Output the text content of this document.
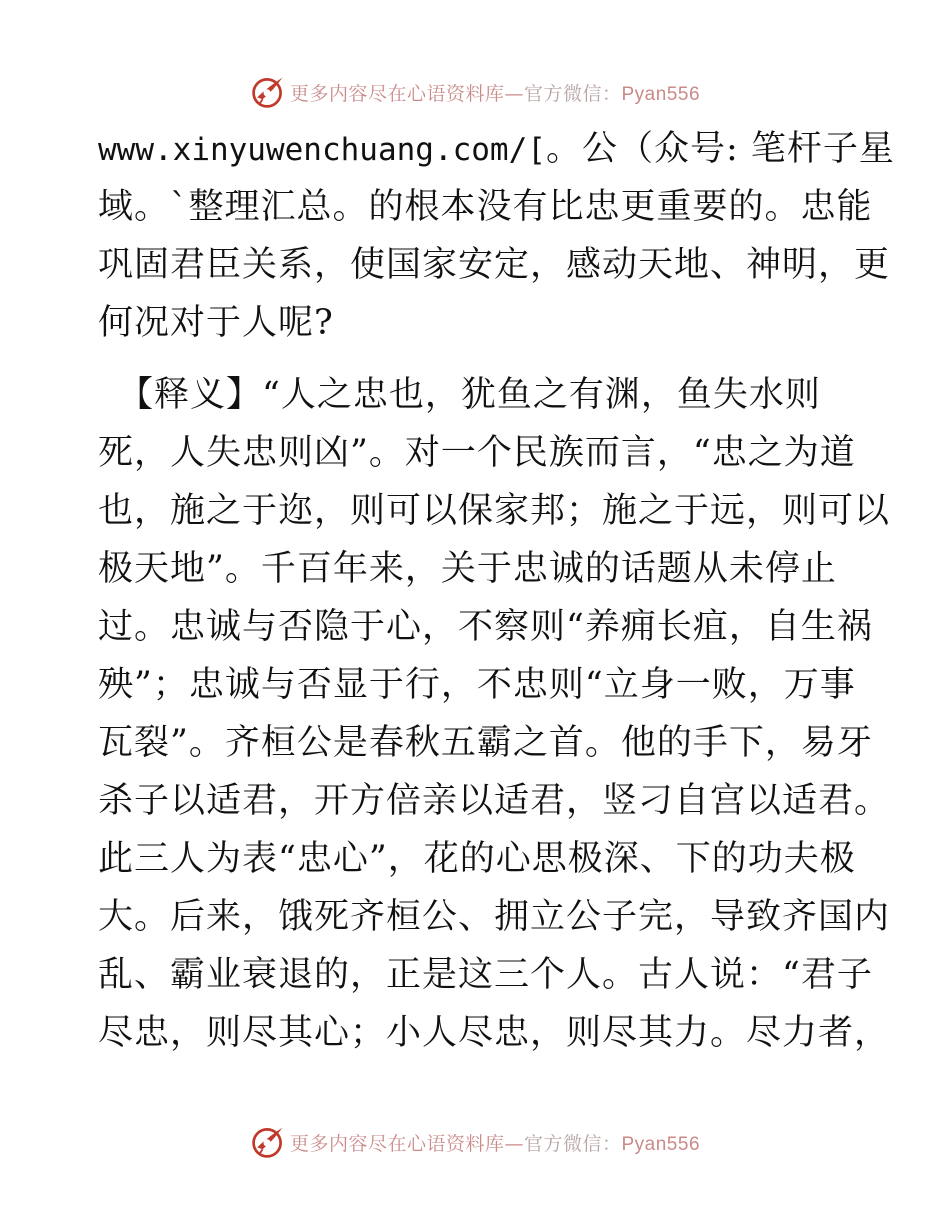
更多内容尽在心语资料库—官方微信：Pyan556
www.xinyuwenchuang.com/[。公（众号: 笔杆子星
域。`整理汇总。的根本没有比忠更重要的。忠能
巩固君臣关系，使国家安定，感动天地、神明，更
何况对于人呢?
【释义】“人之忠也，犹鱼之有渊，鱼失水则
死，人失忠则凶”。对一个民族而言，“忠之为道
也，施之于迩，则可以保家邦；施之于远，则可以
极天地”。千百年来，关于忠诚的话题从未停止
过。忠诚与否隐于心，不察则“养痈长疽，自生祸
殃”；忠诚与否显于行，不忠则“立身一败，万事
瓦裂”。齐桓公是春秋五霸之首。他的手下，易牙
杀子以适君，开方倍亲以适君，竖刁自宫以适君。
此三人为表“忠心”，花的心思极深、下的功夫极
大。后来，饿死齐桓公、拥立公子完，导致齐国内
乱、霸业衰退的，正是这三个人。古人说：“君子
尽忠，则尽其心；小人尽忠，则尽其力。尽力者，
更多内容尽在心语资料库—官方微信：Pyan556
